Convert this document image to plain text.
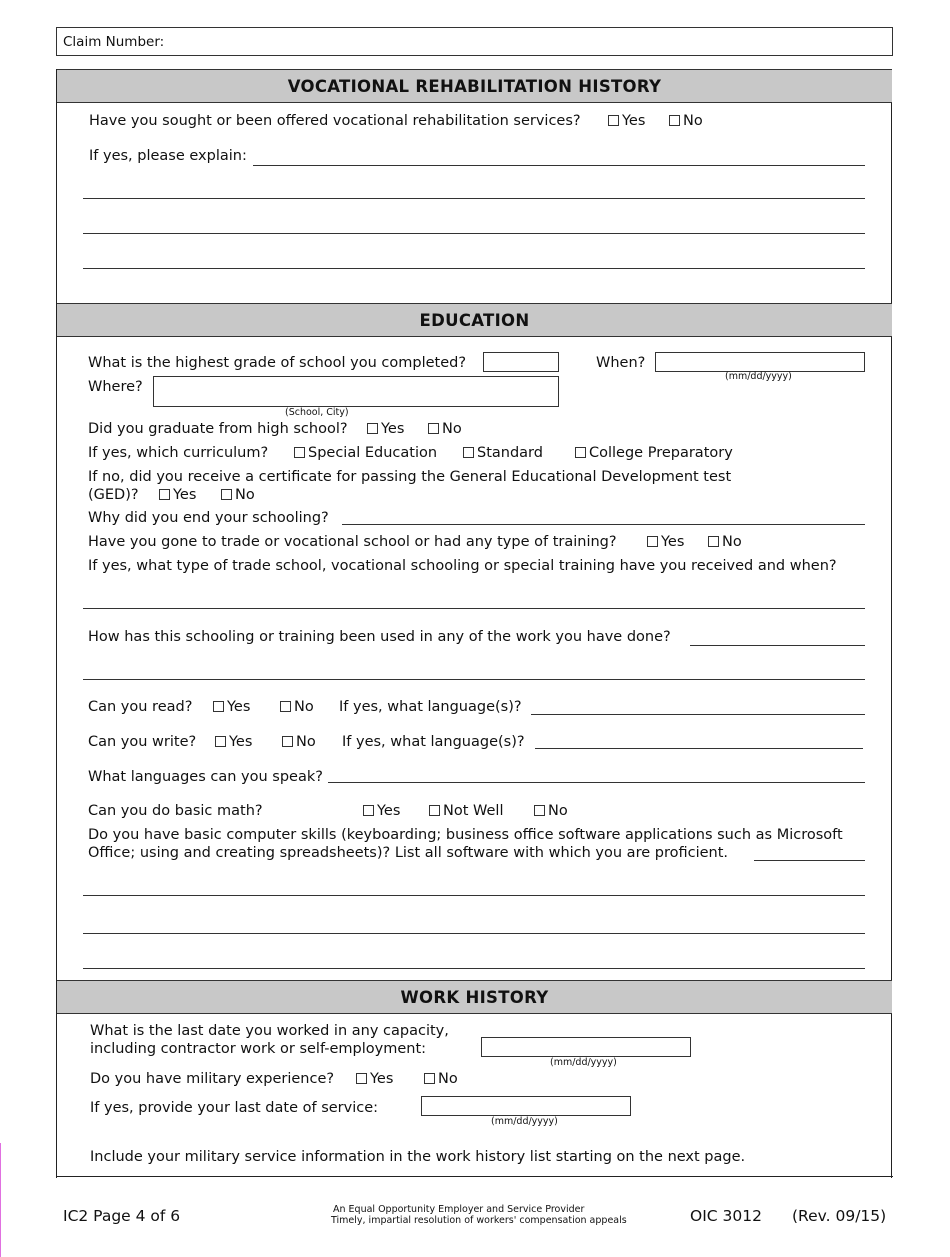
Claim Number:
VOCATIONAL REHABILITATION HISTORY
Have you sought or been offered vocational rehabilitation services?	Yes	No
If yes, please explain:
EDUCATION
What is the highest grade of school you completed?	When?
(mm/dd/yyyy)
Where?
(School, City)
Did you graduate from high school?	Yes	No
If yes, which curriculum?	Special Education	Standard	College Preparatory
If no, did you receive a certificate for passing the General Educational Development test
(GED)?	Yes	No
Why did you end your schooling?
Have you gone to trade or vocational school or had any type of training?	Yes	No
If yes, what type of trade school, vocational schooling or special training have you received and when?
How has this schooling or training been used in any of the work you have done?
Can you read?	Yes	No If yes, what language(s)?
Can you write?	Yes	No If yes, what language(s)?
What languages can you speak?
Can you do basic math?	Yes	Not Well	No
Do you have basic computer skills (keyboarding; business office software applications such as Microsoft
Office; using and creating spreadsheets)? List all software with which you are proficient.
WORK HISTORY
What is the last date you worked in any capacity,
including contractor work or self-employment:
(mm/dd/yyyy)
Do you have military experience?	Yes	No
If yes, provide your last date of service:
(mm/dd/yyyy)
Include your military service information in the work history list starting on the next page.
IC2 Page 4 of 6	An Equal Opportunity Employer and Service Provider
Timely, impartial resolution of workers' compensation appeals	OIC 3012 (Rev. 09/15)
